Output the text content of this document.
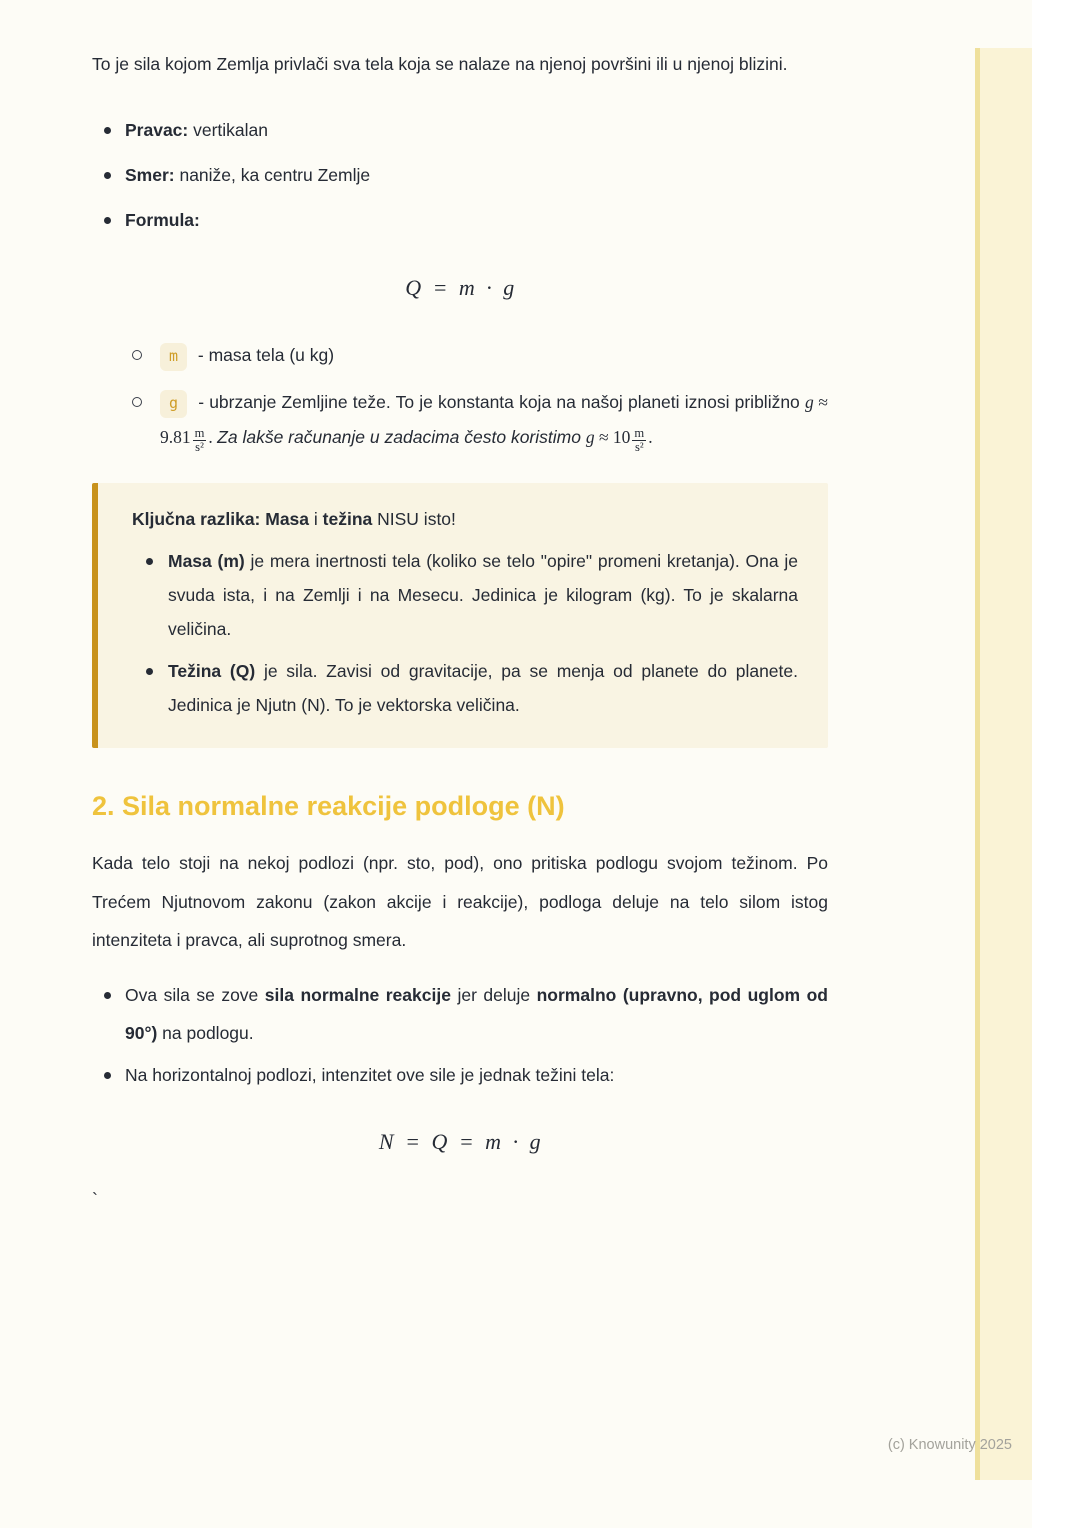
To je sila kojom Zemlja privlači sva tela koja se nalaze na njenoj površini ili u njenoj blizini.

Pravac: vertikalan
Smer: naniže, ka centru Zemlje
Formula:
Q = m · g
m - masa tela (u kg)
g - ubrzanje Zemljine teže. To je konstanta koja na našoj planeti iznosi približno $g \approx 9.81 \frac{m}{\text{s²}}$ . Za lakše računanje u zadacima često koristimo $g \approx 10 \frac{m}{\text{s²}}$ .

Ključna razlika: Masa i težina NISU isto!

Masa (m) je mera inertnosti tela (koliko se telo "opire" promeni kretanja). Ona je svuda ista, i na Zemlji i na Mesecu. Jedinica je kilogram (kg). To je skalarna veličina.
Težina (Q) je sila. Zavisi od gravitacije, pa se menja od planete do planete. Jedinica je Njutn (N). To je vektorska veličina.
2. Sila normalne reakcije podloge (N)

Kada telo stoji na nekoj podlozi (npr. sto, pod), ono pritiska podlogu svojom težinom. Po Trećem Njutnovom zakonu (zakon akcije i reakcije), podloga deluje na telo silom istog intenziteta i pravca, ali suprotnog smera.

Ova sila se zove sila normalne reakcije jer deluje normalno (upravno, pod uglom od 90°) na podlogu.
Na horizontalnoj podlozi, intenzitet ove sile je jednak težini tela:
N = Q = m · g
`
(c) Knowunity 2025
